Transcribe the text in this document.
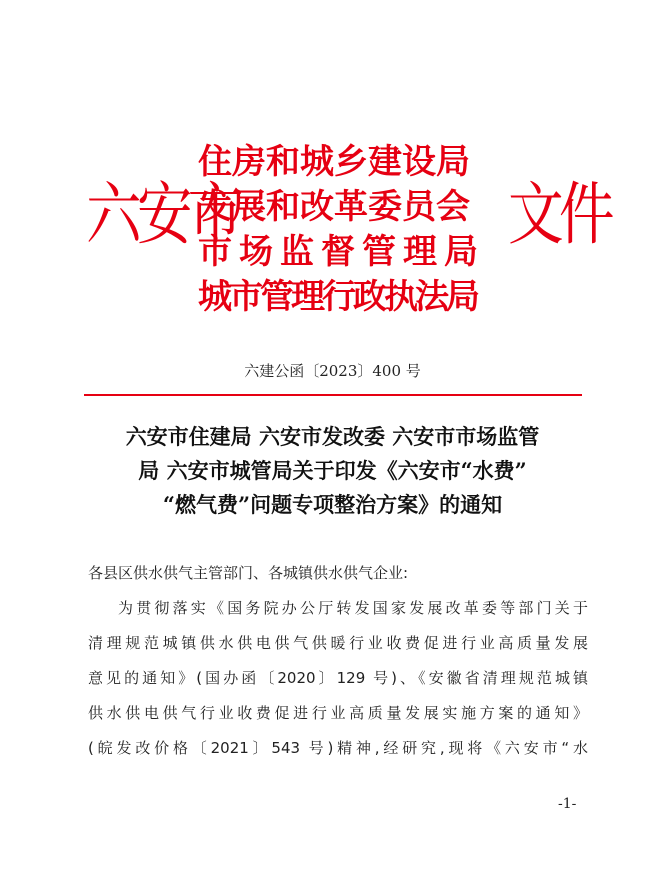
六安市
住房和城乡建设局
发展和改革委员会
市场监督管理局
城市管理行政执法局
文件
六建公函〔2023〕400 号
六安市住建局 六安市发改委 六安市市场监管
局 六安市城管局关于印发《六安市“水费”
“燃气费”问题专项整治方案》的通知

各县区供水供气主管部门、各城镇供水供气企业:

为贯彻落实《国务院办公厅转发国家发展改革委等部门关于

清理规范城镇供水供电供气供暖行业收费促进行业高质量发展

意见的通知》(国办函〔2020〕129 号)、《安徽省清理规范城镇

供水供电供气行业收费促进行业高质量发展实施方案的通知》

(皖发改价格〔2021〕543 号)精神,经研究,现将《六安市“水

-1-
